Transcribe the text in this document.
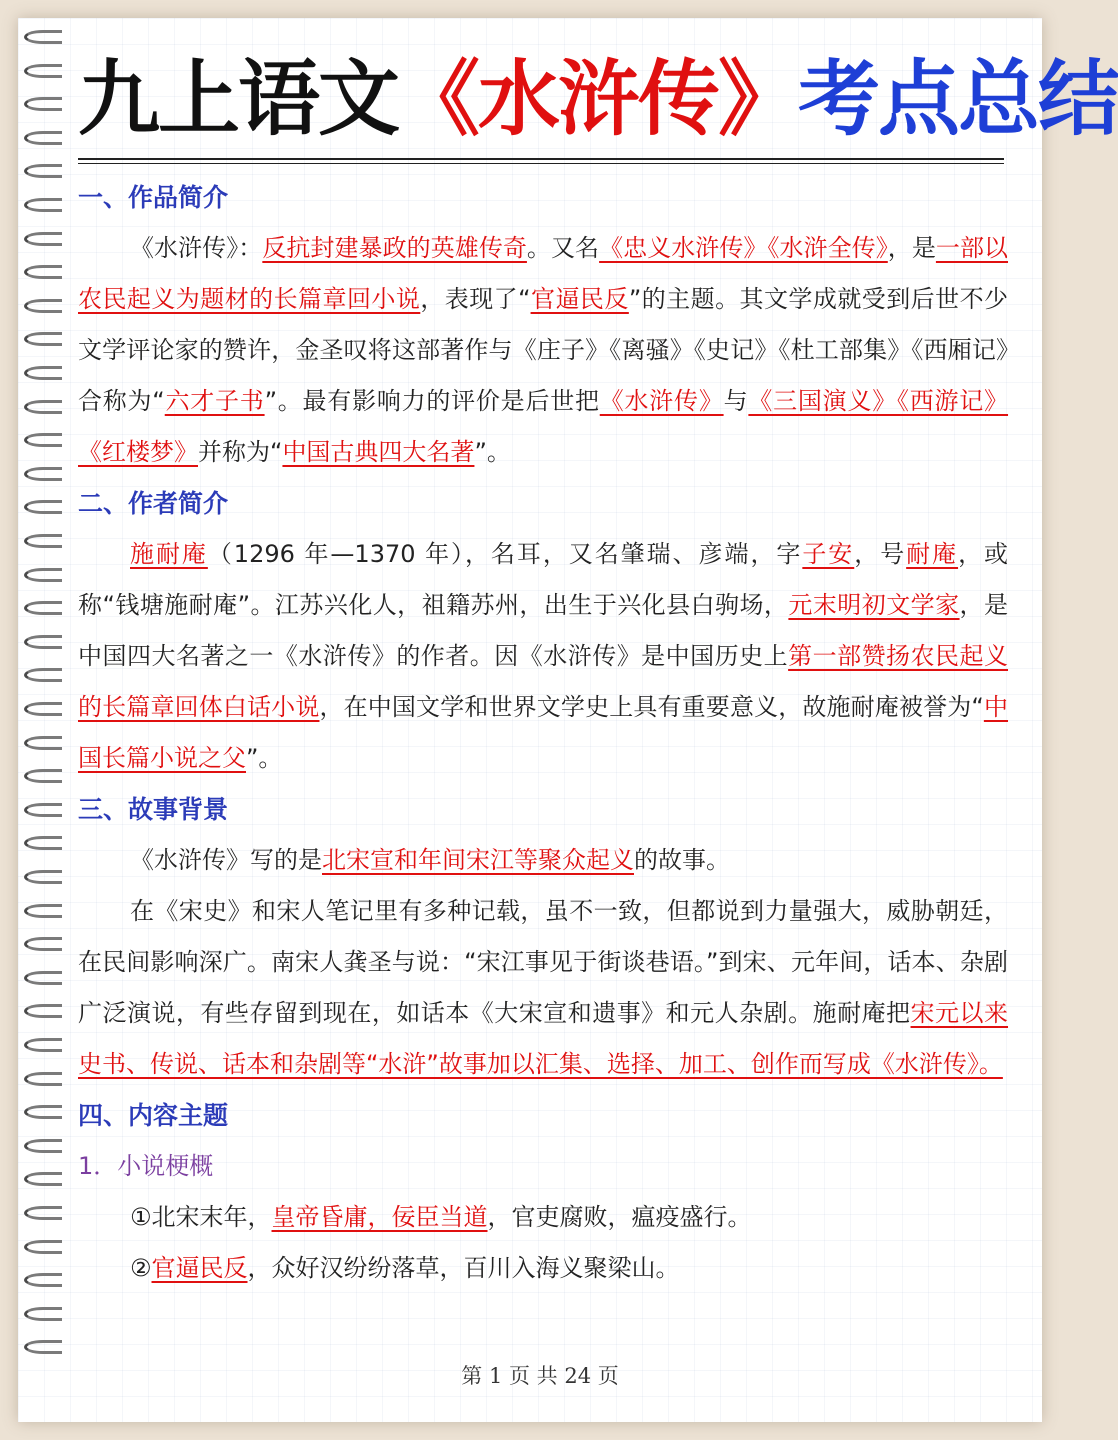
九上语文《水浒传》考点总结
一、作品简介
《水浒传》：反抗封建暴政的英雄传奇。又名《忠义水浒传》《水浒全传》，是一部以农民起义为题材的长篇章回小说，表现了“官逼民反”的主题。其文学成就受到后世不少文学评论家的赞许，金圣叹将这部著作与《庄子》《离骚》《史记》《杜工部集》《西厢记》合称为“六才子书”。最有影响力的评价是后世把《水浒传》与《三国演义》《西游记》《红楼梦》并称为“中国古典四大名著”。
二、作者简介
施耐庵（1296 年—1370 年），名耳，又名肇瑞、彦端，字子安，号耐庵，或称“钱塘施耐庵”。江苏兴化人，祖籍苏州，出生于兴化县白驹场，元末明初文学家，是中国四大名著之一《水浒传》的作者。因《水浒传》是中国历史上第一部赞扬农民起义的长篇章回体白话小说，在中国文学和世界文学史上具有重要意义，故施耐庵被誉为“中国长篇小说之父”。
三、故事背景
《水浒传》写的是北宋宣和年间宋江等聚众起义的故事。
在《宋史》和宋人笔记里有多种记载，虽不一致，但都说到力量强大，威胁朝廷，在民间影响深广。南宋人龚圣与说：“宋江事见于街谈巷语。”到宋、元年间，话本、杂剧广泛演说，有些存留到现在，如话本《大宋宣和遗事》和元人杂剧。施耐庵把宋元以来史书、传说、话本和杂剧等“水浒”故事加以汇集、选择、加工、创作而写成《水浒传》。
四、内容主题
1．小说梗概
①北宋末年，皇帝昏庸，佞臣当道，官吏腐败，瘟疫盛行。
②官逼民反，众好汉纷纷落草，百川入海义聚梁山。
第 1 页 共 24 页
